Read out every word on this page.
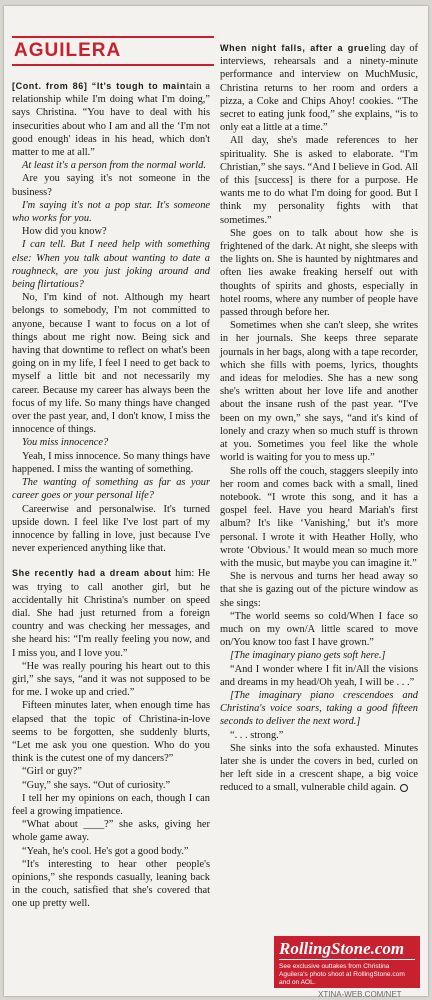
AGUILERA

[Cont. from 86] “It's tough to maintain a relationship while I'm doing what I'm doing,” says Christina. “You have to deal with his insecurities about who I am and all the ‘I'm not good enough' ideas in his head, which don't matter to me at all.”

At least it's a person from the normal world.

Are you saying it's not someone in the business?

I'm saying it's not a pop star. It's someone who works for you.

How did you know?

I can tell. But I need help with something else: When you talk about wanting to date a roughneck, are you just joking around and being flirtatious?

No, I'm kind of not. Although my heart belongs to somebody, I'm not committed to anyone, because I want to focus on a lot of things about me right now. Being sick and having that downtime to reflect on what's been going on in my life, I feel I need to get back to myself a little bit and not necessarily my career. Because my career has always been the focus of my life. So many things have changed over the past year, and, I don't know, I miss the innocence of things.

You miss innocence?

Yeah, I miss innocence. So many things have happened. I miss the wanting of something.

The wanting of something as far as your career goes or your personal life?

Careerwise and personalwise. It's turned upside down. I feel like I've lost part of my innocence by falling in love, just because I've never experienced anything like that.

She recently had a dream about him: He was trying to call another girl, but he accidentally hit Christina's number on speed dial. She had just returned from a foreign country and was checking her messages, and she heard his: “I'm really feeling you now, and I miss you, and I love you.”

“He was really pouring his heart out to this girl,” she says, “and it was not supposed to be for me. I woke up and cried.”

Fifteen minutes later, when enough time has elapsed that the topic of Christina-in-love seems to be forgotten, she suddenly blurts, “Let me ask you one question. Who do you think is the cutest one of my dancers?”

“Girl or guy?”

“Guy,” she says. “Out of curiosity.”

I tell her my opinions on each, though I can feel a growing impatience.

“What about ____?” she asks, giving her whole game away.

“Yeah, he's cool. He's got a good body.”

“It's interesting to hear other people's opinions,” she responds casually, leaning back in the couch, satisfied that she's covered that one up pretty well.

When night falls, after a grueling day of interviews, rehearsals and a ninety-minute performance and interview on MuchMusic, Christina returns to her room and orders a pizza, a Coke and Chips Ahoy! cookies. “The secret to eating junk food,” she explains, “is to only eat a little at a time.”

All day, she's made references to her spirituality. She is asked to elaborate. “I'm Christian,” she says. “And I believe in God. All of this [success] is there for a purpose. He wants me to do what I'm doing for good. But I think my personality fights with that sometimes.”

She goes on to talk about how she is frightened of the dark. At night, she sleeps with the lights on. She is haunted by nightmares and often lies awake freaking herself out with thoughts of spirits and ghosts, especially in hotel rooms, where any number of people have passed through before her.

Sometimes when she can't sleep, she writes in her journals. She keeps three separate journals in her bags, along with a tape recorder, which she fills with poems, lyrics, thoughts and ideas for melodies. She has a new song she's written about her love life and another about the insane rush of the past year. “I've been on my own,” she says, “and it's kind of lonely and crazy when so much stuff is thrown at you. Sometimes you feel like the whole world is waiting for you to mess up.”

She rolls off the couch, staggers sleepily into her room and comes back with a small, lined notebook. “I wrote this song, and it has a gospel feel. Have you heard Mariah's first album? It's like ‘Vanishing,' but it's more personal. I wrote it with Heather Holly, who wrote ‘Obvious.' It would mean so much more with the music, but maybe you can imagine it.”

She is nervous and turns her head away so that she is gazing out of the picture window as she sings:

“The world seems so cold/When I face so much on my own/A little scared to move on/You know too fast I have grown.”

[The imaginary piano gets soft here.]

“And I wonder where I fit in/All the visions and dreams in my head/Oh yeah, I will be . . .”

[The imaginary piano crescendoes and Christina's voice soars, taking a good fifteen seconds to deliver the next word.]

“. . . strong.”

She sinks into the sofa exhausted. Minutes later she is under the covers in bed, curled on her left side in a crescent shape, a big voice reduced to a small, vulnerable child again.

RollingStone.com
See exclusive outtakes from Christina Aguilera's photo shoot at RollingStone.com and on AOL.
XTINA-WEB.COM/NET
